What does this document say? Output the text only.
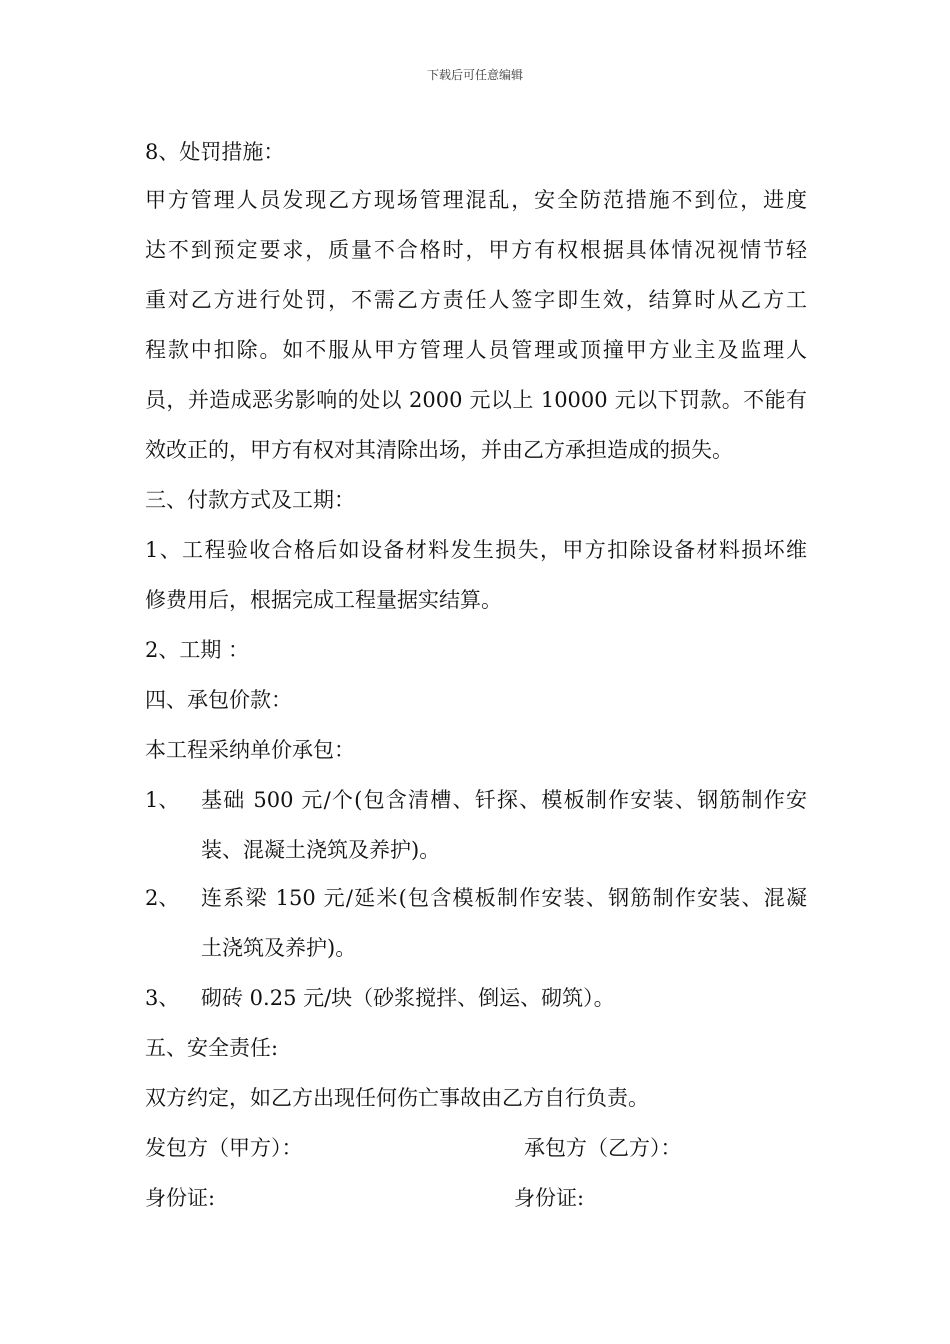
下载后可任意编辑
8、处罚措施：
甲方管理人员发现乙方现场管理混乱，安全防范措施不到位，进度
达不到预定要求，质量不合格时，甲方有权根据具体情况视情节轻
重对乙方进行处罚，不需乙方责任人签字即生效，结算时从乙方工
程款中扣除。如不服从甲方管理人员管理或顶撞甲方业主及监理人
员，并造成恶劣影响的处以 2000 元以上 10000 元以下罚款。不能有
效改正的，甲方有权对其清除出场，并由乙方承担造成的损失。
三、付款方式及工期：
1、工程验收合格后如设备材料发生损失，甲方扣除设备材料损坏维
修费用后，根据完成工程量据实结算。
2、工期 ：
四、承包价款：
本工程采纳单价承包：
1、 基础 500 元/个(包含清槽、钎探、模板制作安装、钢筋制作安
装、混凝土浇筑及养护)。
2、 连系梁 150 元/延米(包含模板制作安装、钢筋制作安装、混凝
土浇筑及养护)。
3、 砌砖 0.25 元/块（砂浆搅拌、倒运、砌筑）。
五、安全责任:
双方约定，如乙方出现任何伤亡事故由乙方自行负责。
发包方（甲方）：	承包方（乙方）：
身份证:	身份证:
